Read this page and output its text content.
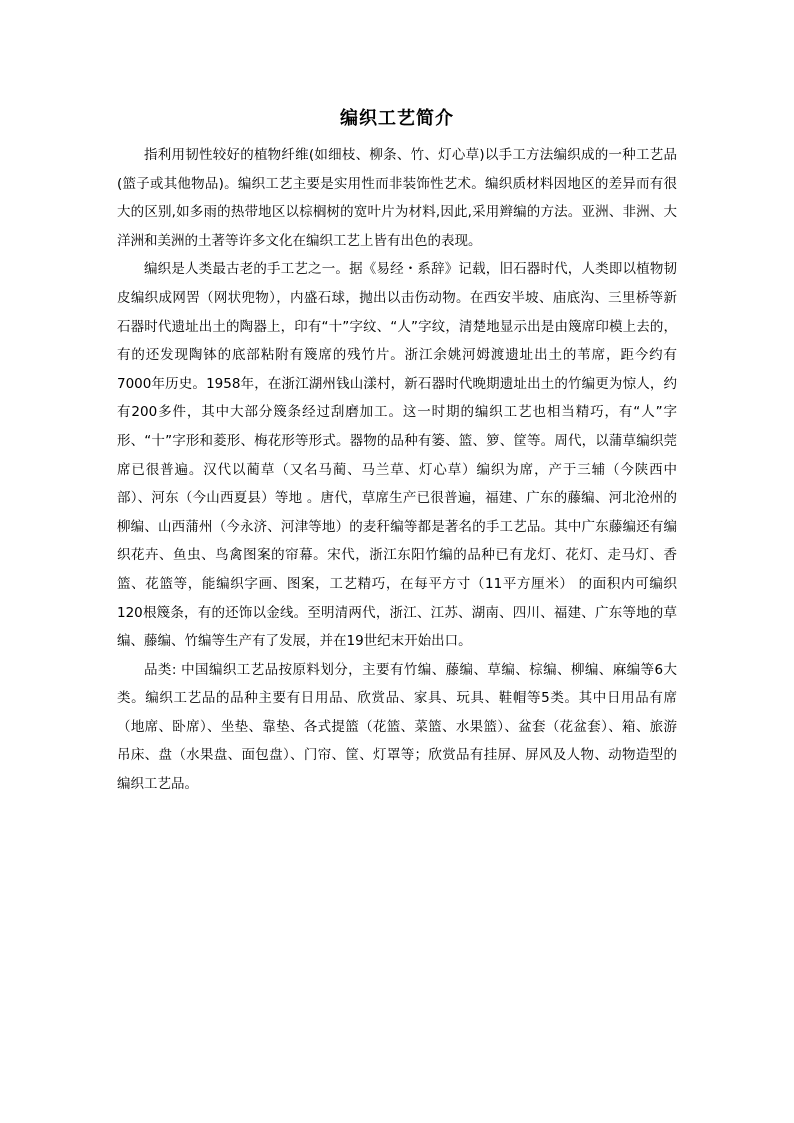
编织工艺简介

指利用韧性较好的植物纤维(如细枝、柳条、竹、灯心草)以手工方法编织成的一种工艺品(篮子或其他物品)。编织工艺主要是实用性而非装饰性艺术。编织质材料因地区的差异而有很大的区别,如多雨的热带地区以棕榈树的宽叶片为材料,因此,采用辫编的方法。亚洲、非洲、大洋洲和美洲的土著等许多文化在编织工艺上皆有出色的表现。

编织是人类最古老的手工艺之一。据《易经・系辞》记载，旧石器时代，人类即以植物韧皮编织成网罟（网状兜物），内盛石球，抛出以击伤动物。在西安半坡、庙底沟、三里桥等新石器时代遗址出土的陶器上，印有“十”字纹、“人”字纹，清楚地显示出是由篾席印模上去的，有的还发现陶钵的底部粘附有篾席的残竹片。浙江余姚河姆渡遗址出土的苇席，距今约有7000年历史。1958年，在浙江湖州钱山漾村，新石器时代晚期遗址出土的竹编更为惊人，约有200多件，其中大部分篾条经过刮磨加工。这一时期的编织工艺也相当精巧，有“人”字形、“十”字形和菱形、梅花形等形式。器物的品种有篓、篮、箩、筐等。周代，以蒲草编织莞席已很普遍。汉代以蔺草（又名马蔺、马兰草、灯心草）编织为席，产于三辅（今陕西中部）、河东（今山西夏县）等地 。唐代，草席生产已很普遍，福建、广东的藤编、河北沧州的柳编、山西蒲州（今永济、河津等地）的麦秆编等都是著名的手工艺品。其中广东藤编还有编织花卉、鱼虫、鸟禽图案的帘幕。宋代，浙江东阳竹编的品种已有龙灯、花灯、走马灯、香篮、花篮等，能编织字画、图案，工艺精巧，在每平方寸（11平方厘米） 的面积内可编织120根篾条，有的还饰以金线。至明清两代，浙江、江苏、湖南、四川、福建、广东等地的草编、藤编、竹编等生产有了发展，并在19世纪末开始出口。

品类: 中国编织工艺品按原料划分，主要有竹编、藤编、草编、棕编、柳编、麻编等6大类。编织工艺品的品种主要有日用品、欣赏品、家具、玩具、鞋帽等5类。其中日用品有席（地席、卧席）、坐垫、靠垫、各式提篮（花篮、菜篮、水果篮）、盆套（花盆套）、箱、旅游吊床、盘（水果盘、面包盘）、门帘、筐、灯罩等；欣赏品有挂屏、屏风及人物、动物造型的编织工艺品。
